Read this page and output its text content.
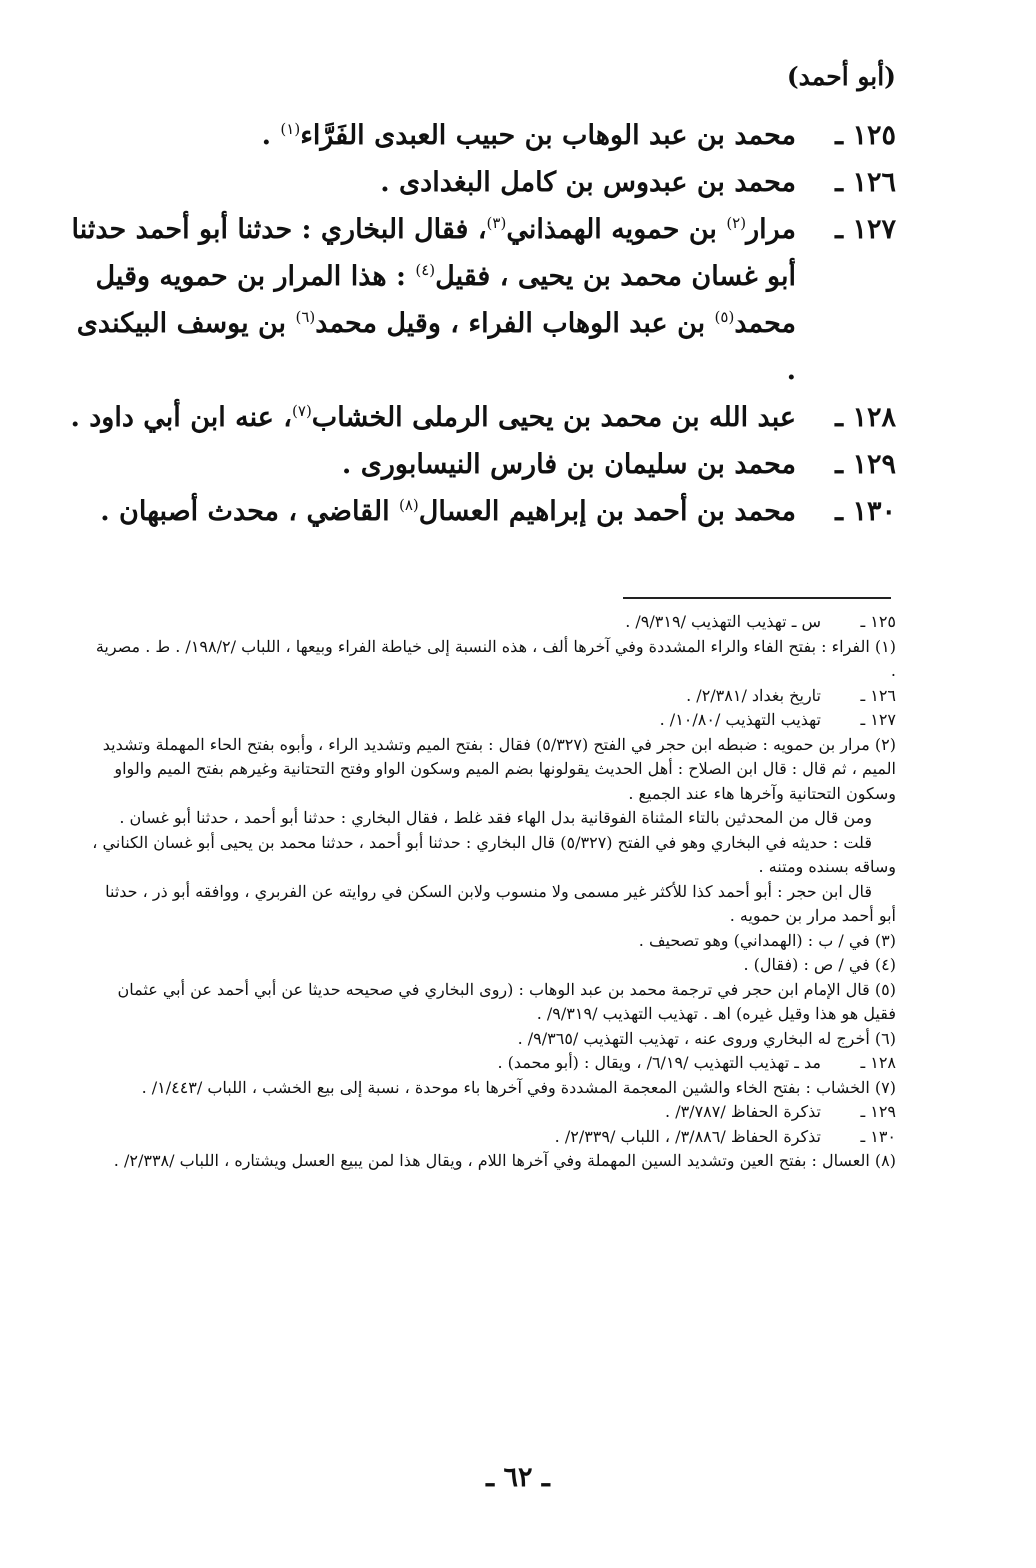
(أبو أحمد)
١٢٥ ـ
محمد بن عبد الوهاب بن حبيب العبدى الفَرَّاء$^{(١)}$ .
١٢٦ ـ
محمد بن عبدوس بن كامل البغدادى .
١٢٧ ـ
مرار$^{(٢)}$ بن حمويه الهمذاني$^{(٣)}$، فقال البخاري : حدثنا أبو أحمد حدثنا أبو غسان محمد بن يحيى ، فقيل$^{(٤)}$ : هذا المرار بن حمويه وقيل محمد$^{(٥)}$ بن عبد الوهاب الفراء ، وقيل محمد$^{(٦)}$ بن يوسف البيكندى .
١٢٨ ـ
عبد الله بن محمد بن يحيى الرملى الخشاب$^{(٧)}$، عنه ابن أبي داود .
١٢٩ ـ
محمد بن سليمان بن فارس النيسابورى .
١٣٠ ـ
محمد بن أحمد بن إبراهيم العسال$^{(٨)}$ القاضي ، محدث أصبهان .
١٢٥ ـ
س ـ تهذيب التهذيب /٩/٣١٩/ .
(١) الفراء : بفتح الفاء والراء المشددة وفي آخرها ألف ، هذه النسبة إلى خياطة الفراء وبيعها ، اللباب /١٩٨/٢/ . ط . مصرية .
١٢٦ ـ
تاريخ بغداد /٢/٣٨١/ .
١٢٧ ـ
تهذيب التهذيب /١٠/٨٠/ .
(٢) مرار بن حمويه : ضبطه ابن حجر في الفتح (٥/٣٢٧) فقال : بفتح الميم وتشديد الراء ، وأبوه بفتح الحاء المهملة وتشديد الميم ، ثم قال : قال ابن الصلاح : أهل الحديث يقولونها بضم الميم وسكون الواو وفتح التحتانية وغيرهم بفتح الميم والواو وسكون التحتانية وآخرها هاء عند الجميع .
ومن قال من المحدثين بالتاء المثناة الفوقانية بدل الهاء فقد غلط ، فقال البخاري : حدثنا أبو أحمد ، حدثنا أبو غسان .
قلت : حديثه في البخاري وهو في الفتح (٥/٣٢٧) قال البخاري : حدثنا أبو أحمد ، حدثنا محمد بن يحيى أبو غسان الكناني ، وساقه بسنده ومتنه .
قال ابن حجر : أبو أحمد كذا للأكثر غير مسمى ولا منسوب ولابن السكن في روايته عن الفربري ، ووافقه أبو ذر ، حدثنا أبو أحمد مرار بن حمويه .
(٣) في / ب : (الهمداني) وهو تصحيف .
(٤) في / ص : (فقال) .
(٥) قال الإمام ابن حجر في ترجمة محمد بن عبد الوهاب : (روى البخاري في صحيحه حديثا عن أبي أحمد عن أبي عثمان فقيل هو هذا وقيل غيره) اهـ . تهذيب التهذيب /٩/٣١٩/ .
(٦) أخرج له البخاري وروى عنه ، تهذيب التهذيب /٩/٣٦٥/ .
١٢٨ ـ
مد ـ تهذيب التهذيب /٦/١٩/ ، ويقال : (أبو محمد) .
(٧) الخشاب : بفتح الخاء والشين المعجمة المشددة وفي آخرها باء موحدة ، نسبة إلى بيع الخشب ، اللباب /١/٤٤٣/ .
١٢٩ ـ
تذكرة الحفاظ /٣/٧٨٧/ .
١٣٠ ـ
تذكرة الحفاظ /٣/٨٨٦/ ، اللباب /٢/٣٣٩/ .
(٨) العسال : بفتح العين وتشديد السين المهملة وفي آخرها اللام ، ويقال هذا لمن يبيع العسل ويشتاره ، اللباب /٢/٣٣٨/ .
ـ ٦٢ ـ
